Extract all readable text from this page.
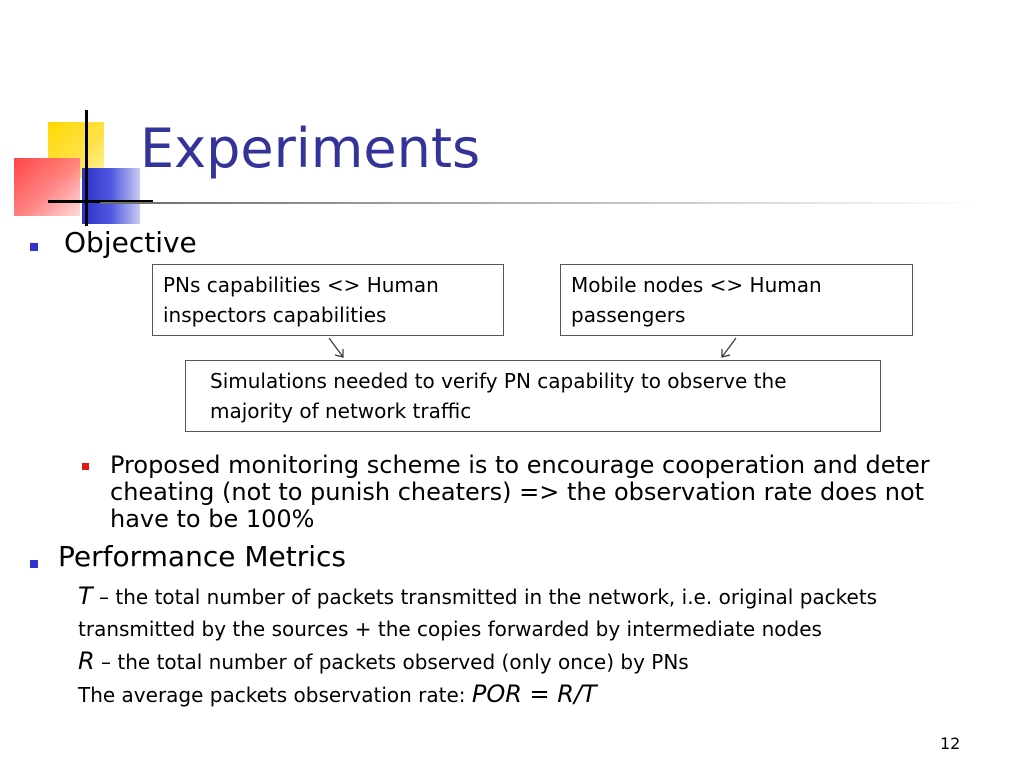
Experiments
Objective
PNs capabilities <> Human inspectors capabilities
Mobile nodes <> Human passengers
Simulations needed to verify PN capability to observe the majority of network traffic
Proposed monitoring scheme is to encourage cooperation and deter cheating (not to punish cheaters) => the observation rate does not have to be 100%
Performance Metrics
T – the total number of packets transmitted in the network, i.e. original packets transmitted by the sources + the copies forwarded by intermediate nodes
R – the total number of packets observed (only once) by PNs
The average packets observation rate: POR = R/T
12
